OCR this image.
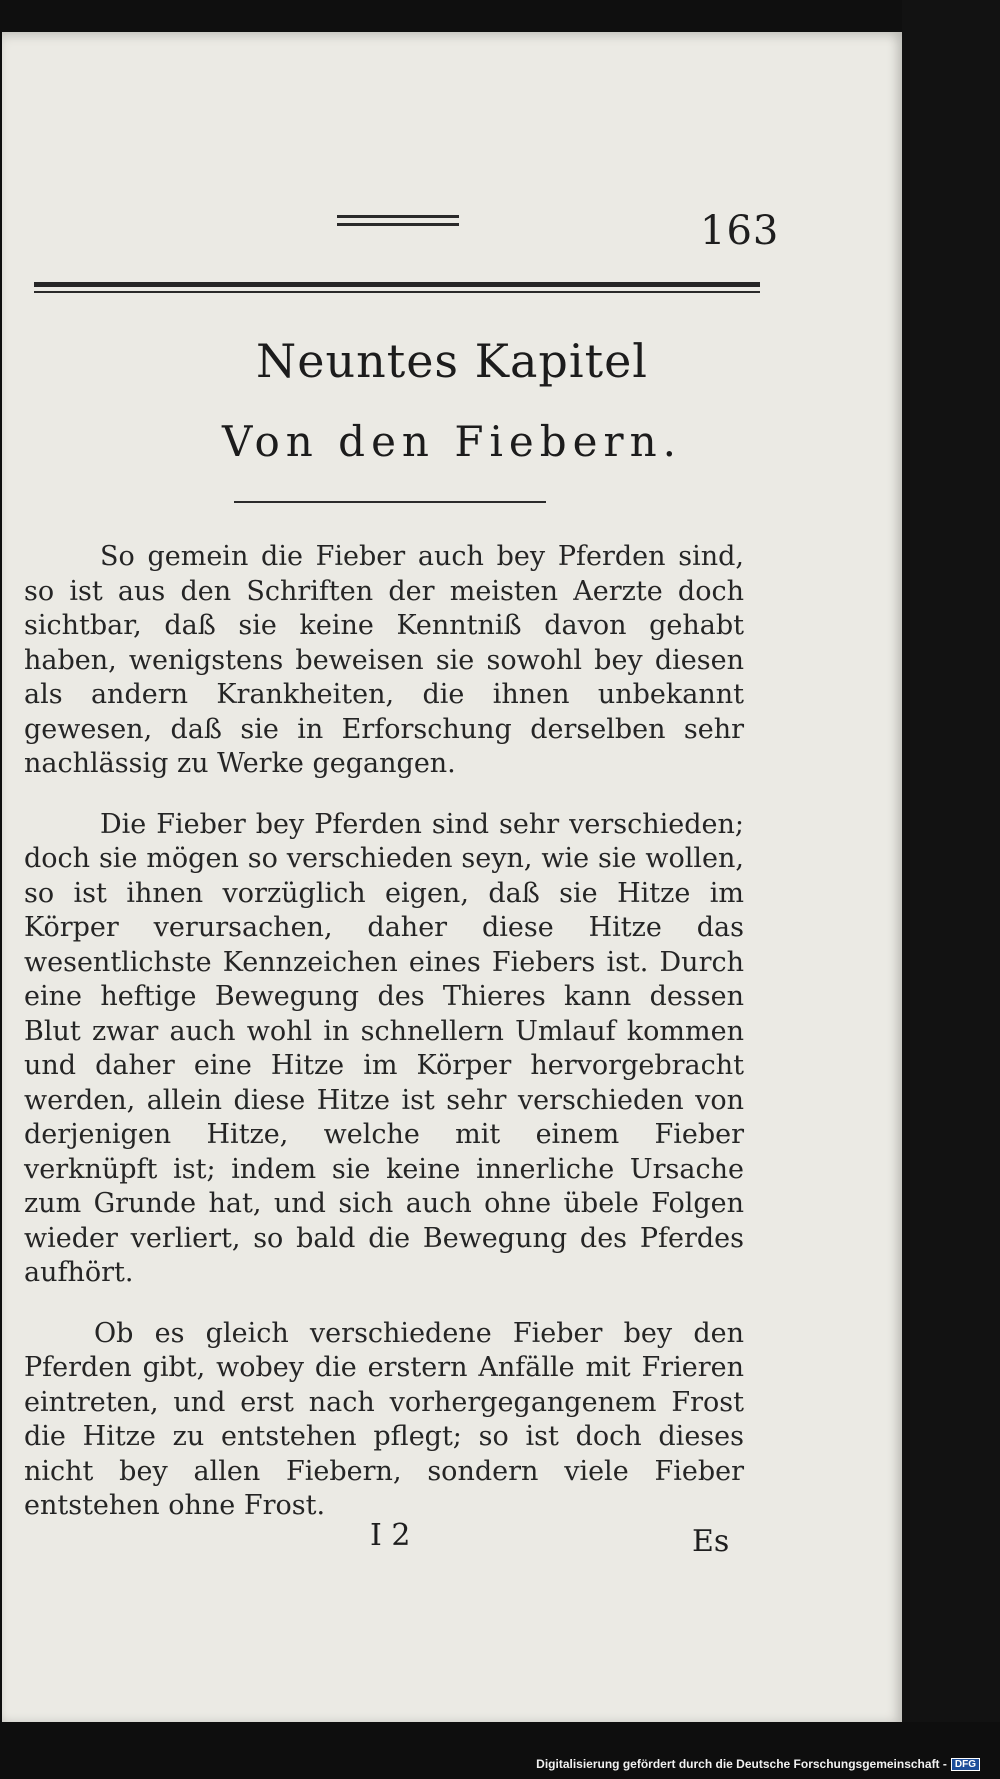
163
Neuntes Kapitel
Von den Fiebern.

So gemein die Fieber auch bey Pferden sind, so ist aus den Schriften der meisten Aerzte doch sichtbar, daß sie keine Kenntniß davon gehabt haben, wenigstens beweisen sie sowohl bey diesen als andern Krankheiten, die ihnen unbekannt gewesen, daß sie in Erforschung derselben sehr nachlässig zu Werke gegangen.

Die Fieber bey Pferden sind sehr verschieden; doch sie mögen so verschieden seyn, wie sie wollen, so ist ihnen vorzüglich eigen, daß sie Hitze im Körper verursachen, daher diese Hitze das wesentlichste Kennzeichen eines Fiebers ist. Durch eine heftige Bewegung des Thieres kann dessen Blut zwar auch wohl in schnellern Umlauf kommen und daher eine Hitze im Körper hervorgebracht werden, allein diese Hitze ist sehr verschieden von derjenigen Hitze, welche mit einem Fieber verknüpft ist; indem sie keine innerliche Ursache zum Grunde hat, und sich auch ohne übele Folgen wieder verliert, so bald die Bewegung des Pferdes aufhört.

Ob es gleich verschiedene Fieber bey den Pferden gibt, wobey die erstern Anfälle mit Frieren eintreten, und erst nach vorhergegangenem Frost die Hitze zu entstehen pflegt; so ist doch dieses nicht bey allen Fiebern, sondern viele Fieber entstehen ohne Frost.

I 2	Es
Digitalisierung gefördert durch die Deutsche Forschungsgemeinschaft - DFG
